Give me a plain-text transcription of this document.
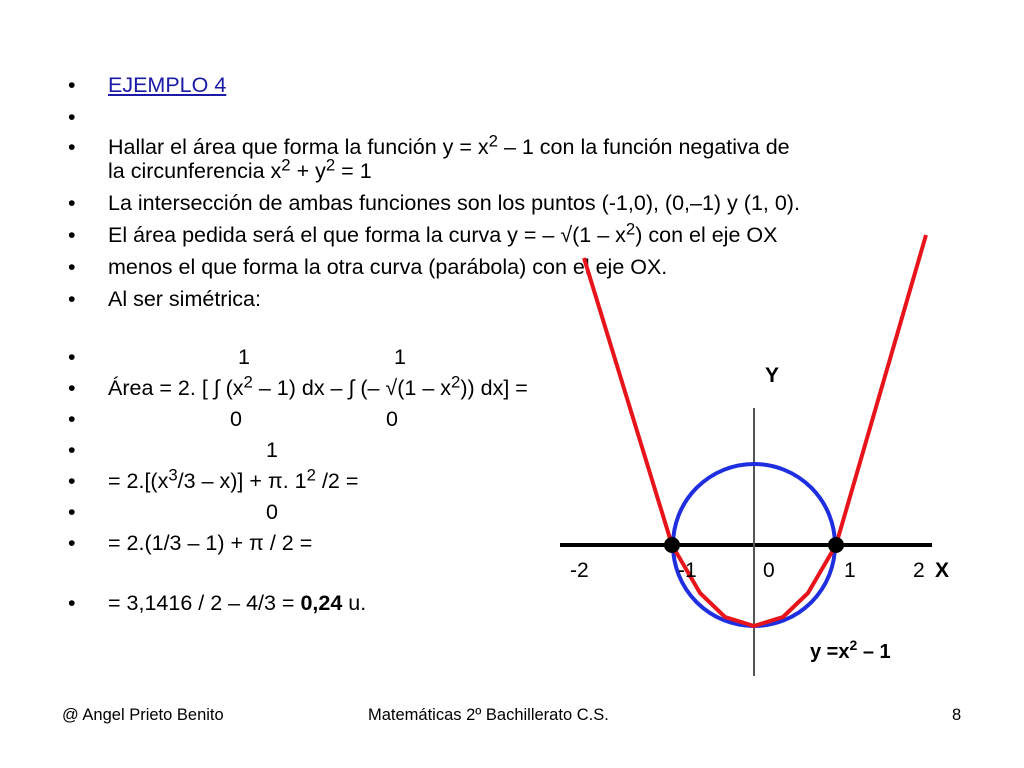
• EJEMPLO 4
•
• Hallar el área que forma la función $y = x^2 - 1$ con la función negativa de
la circunferencia $x^2 + y^2 = 1$
• La intersección de ambas funciones son los puntos (-1,0), (0,–1) y (1, 0).
• El área pedida será el que forma la curva y = – $√(1 - x^2)$ con el eje OX
• menos el que forma la otra curva (parábola) con el eje OX.
• Al ser simétrica:
•	1	1
• Área = 2. [ ∫ $(x^2 - 1)$ dx – ∫ (– $√(1 - x^2)$) dx] =
•	0	0
•	1
• = $2.[(x^3/3 - x)] + \pi$. $1^2$ /2 =
•	0
• = 2.(1/3 – 1) + π / 2 =
• = 3,1416 / 2 – 4/3 = 0,24 u.
Y
-2	-1	0	1	2 X
$y =x^2 - 1$
@ Angel Prieto Benito	Matemáticas 2º Bachillerato C.S.	8
